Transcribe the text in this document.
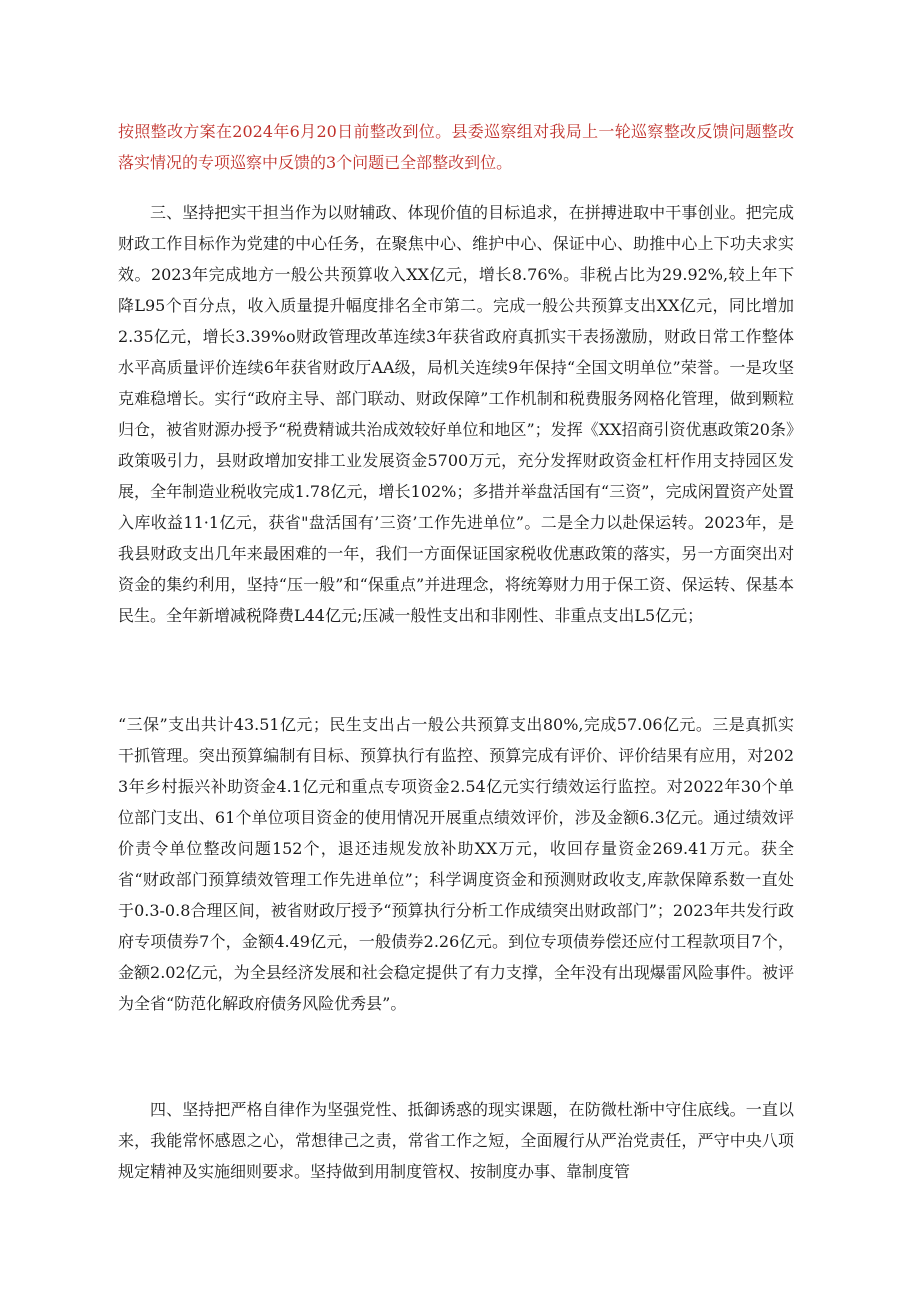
按照整改方案在2024年6月20日前整改到位。县委巡察组对我局上一轮巡察整改反馈问题整改落实情况的专项巡察中反馈的3个问题已全部整改到位。

三、坚持把实干担当作为以财辅政、体现价值的目标追求，在拼搏进取中干事创业。把完成财政工作目标作为党建的中心任务，在聚焦中心、维护中心、保证中心、助推中心上下功夫求实效。2023年完成地方一般公共预算收入XX亿元，增长8.76%。非税占比为29.92%,较上年下降L95个百分点，收入质量提升幅度排名全市第二。完成一般公共预算支出XX亿元，同比增加2.35亿元，增长3.39%o财政管理改革连续3年获省政府真抓实干表扬激励，财政日常工作整体水平高质量评价连续6年获省财政厅AA级，局机关连续9年保持“全国文明单位”荣誉。一是攻坚克难稳增长。实行“政府主导、部门联动、财政保障”工作机制和税费服务网格化管理，做到颗粒归仓，被省财源办授予“税费精诚共治成效较好单位和地区”；发挥《XX招商引资优惠政策20条》政策吸引力，县财政增加安排工业发展资金5700万元，充分发挥财政资金杠杆作用支持园区发展，全年制造业税收完成1.78亿元，增长102%；多措并举盘活国有“三资”，完成闲置资产处置入库收益11·1亿元，获省"盘活国有’三资’工作先进单位”。二是全力以赴保运转。2023年，是我县财政支出几年来最困难的一年，我们一方面保证国家税收优惠政策的落实，另一方面突出对资金的集约利用，坚持“压一般”和“保重点”并进理念，将统筹财力用于保工资、保运转、保基本民生。全年新增减税降费L44亿元;压减一般性支出和非刚性、非重点支出L5亿元；

“三保”支出共计43.51亿元；民生支出占一般公共预算支出80%,完成57.06亿元。三是真抓实干抓管理。突出预算编制有目标、预算执行有监控、预算完成有评价、评价结果有应用，对2023年乡村振兴补助资金4.1亿元和重点专项资金2.54亿元实行绩效运行监控。对2022年30个单位部门支出、61个单位项目资金的使用情况开展重点绩效评价，涉及金额6.3亿元。通过绩效评价责令单位整改问题152个，退还违规发放补助XX万元，收回存量资金269.41万元。获全省“财政部门预算绩效管理工作先进单位”；科学调度资金和预测财政收支,库款保障系数一直处于0.3-0.8合理区间，被省财政厅授予“预算执行分析工作成绩突出财政部门”；2023年共发行政府专项债券7个，金额4.49亿元，一般债券2.26亿元。到位专项债券偿还应付工程款项目7个，金额2.02亿元，为全县经济发展和社会稳定提供了有力支撑，全年没有出现爆雷风险事件。被评为全省“防范化解政府债务风险优秀县”。

四、坚持把严格自律作为坚强党性、抵御诱惑的现实课题，在防微杜渐中守住底线。一直以来，我能常怀感恩之心，常想律己之责，常省工作之短，全面履行从严治党责任，严守中央八项规定精神及实施细则要求。坚持做到用制度管权、按制度办事、靠制度管
